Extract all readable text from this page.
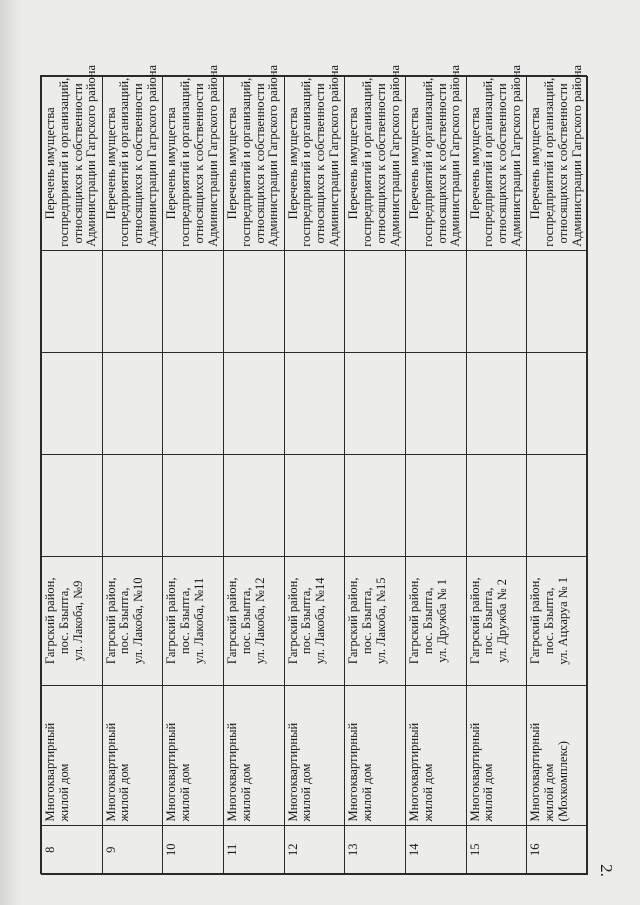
2.
8	Многоквартирный жилой дом	Гагрский район, пос. Бзыпта, ул. Лакоба, №9				Перечень имущества госпредприятий и организаций, относящихся к собственности Администрации Гагрского района

9	Многоквартирный жилой дом	Гагрский район, пос. Бзыпта, ул. Лакоба, №10				Перечень имущества госпредприятий и организаций, относящихся к собственности Администрации Гагрского района

10	Многоквартирный жилой дом	Гагрский район, пос. Бзыпта, ул. Лакоба, №11				Перечень имущества госпредприятий и организаций, относящихся к собственности Администрации Гагрского района

11	Многоквартирный жилой дом	Гагрский район, пос. Бзыпта, ул. Лакоба, №12				Перечень имущества госпредприятий и организаций, относящихся к собственности Администрации Гагрского района

12	Многоквартирный жилой дом	Гагрский район, пос. Бзыпта, ул. Лакоба, №14				Перечень имущества госпредприятий и организаций, относящихся к собственности Администрации Гагрского района

13	Многоквартирный жилой дом	Гагрский район, пос. Бзыпта, ул. Лакоба, №15				Перечень имущества госпредприятий и организаций, относящихся к собственности Администрации Гагрского района

14	Многоквартирный жилой дом	Гагрский район, пос. Бзыпта, ул. Дружба № 1				Перечень имущества госпредприятий и организаций, относящихся к собственности Администрации Гагрского района

15	Многоквартирный жилой дом	Гагрский район, пос. Бзыпта, ул. Дружба № 2				Перечень имущества госпредприятий и организаций, относящихся к собственности Администрации Гагрского района

16	Многоквартирный жилой дом (Мохкомплекс)	Гагрский район, пос. Бзыпта, ул. Ацхаруа № 1				Перечень имущества госпредприятий и организаций, относящихся к собственности Администрации Гагрского района
